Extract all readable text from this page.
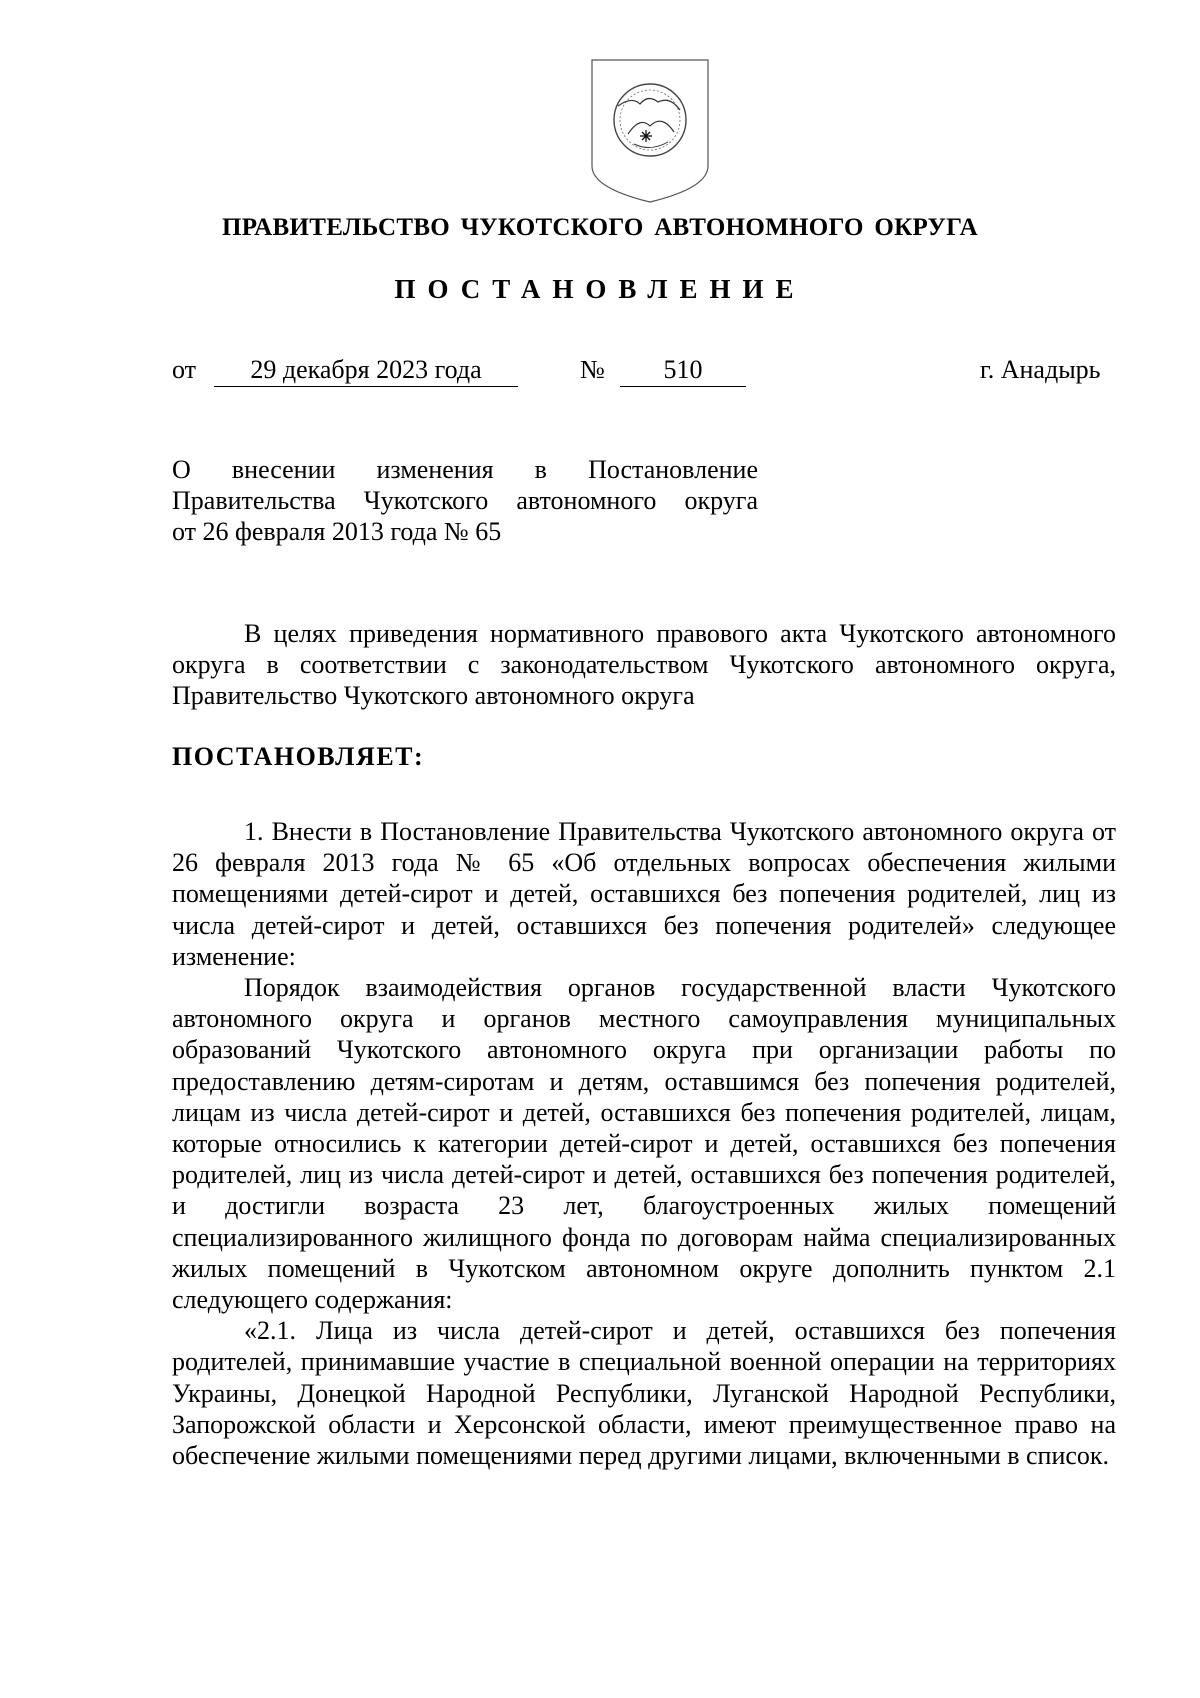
ПРАВИТЕЛЬСТВО ЧУКОТСКОГО АВТОНОМНОГО ОКРУГА
ПОСТАНОВЛЕНИЕ
от	29 декабря 2023 года	№	510	г. Анадырь
О внесении изменения в Постановление
Правительства Чукотского автономного округа
от 26 февраля 2013 года № 65

В целях приведения нормативного правового акта Чукотского автономного округа в соответствии с законодательством Чукотского автономного округа, Правительство Чукотского автономного округа

ПОСТАНОВЛЯЕТ:

1. Внести в Постановление Правительства Чукотского автономного округа от 26 февраля 2013 года № 65 «Об отдельных вопросах обеспечения жилыми помещениями детей-сирот и детей, оставшихся без попечения родителей, лиц из числа детей-сирот и детей, оставшихся без попечения родителей» следующее изменение:

Порядок взаимодействия органов государственной власти Чукотского автономного округа и органов местного самоуправления муниципальных образований Чукотского автономного округа при организации работы по предоставлению детям-сиротам и детям, оставшимся без попечения родителей, лицам из числа детей-сирот и детей, оставшихся без попечения родителей, лицам, которые относились к категории детей-сирот и детей, оставшихся без попечения родителей, лиц из числа детей-сирот и детей, оставшихся без попечения родителей, и достигли возраста 23 лет, благоустроенных жилых помещений специализированного жилищного фонда по договорам найма специализированных жилых помещений в Чукотском автономном округе дополнить пунктом 2.1 следующего содержания:

«2.1. Лица из числа детей-сирот и детей, оставшихся без попечения родителей, принимавшие участие в специальной военной операции на территориях Украины, Донецкой Народной Республики, Луганской Народной Республики, Запорожской области и Херсонской области, имеют преимущественное право на обеспечение жилыми помещениями перед другими лицами, включенными в список.
